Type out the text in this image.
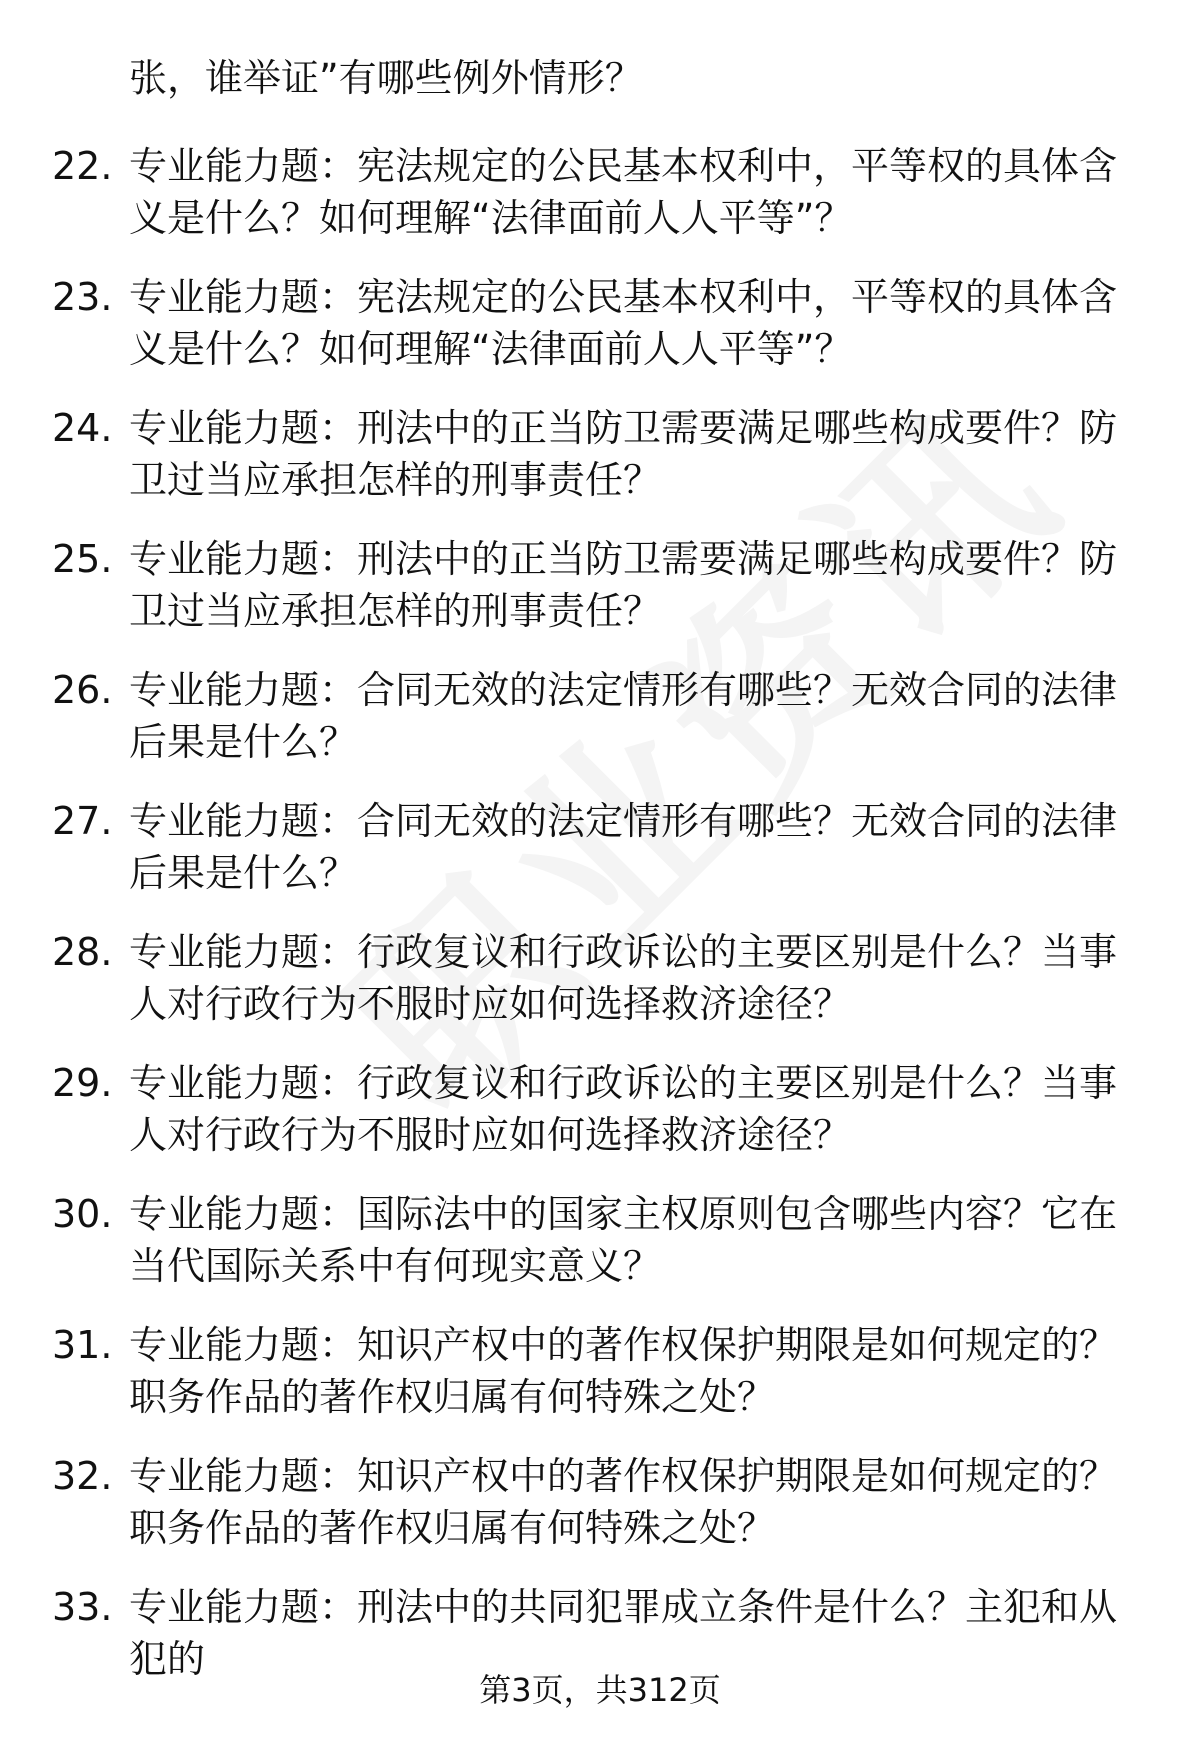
张，谁举证”有哪些例外情形？
22. 专业能力题：宪法规定的公民基本权利中，平等权的具体含义是什么？如何理解“法律面前人人平等”？
23. 专业能力题：宪法规定的公民基本权利中，平等权的具体含义是什么？如何理解“法律面前人人平等”？
24. 专业能力题：刑法中的正当防卫需要满足哪些构成要件？防卫过当应承担怎样的刑事责任？
25. 专业能力题：刑法中的正当防卫需要满足哪些构成要件？防卫过当应承担怎样的刑事责任？
26. 专业能力题：合同无效的法定情形有哪些？无效合同的法律后果是什么？
27. 专业能力题：合同无效的法定情形有哪些？无效合同的法律后果是什么？
28. 专业能力题：行政复议和行政诉讼的主要区别是什么？当事人对行政行为不服时应如何选择救济途径？
29. 专业能力题：行政复议和行政诉讼的主要区别是什么？当事人对行政行为不服时应如何选择救济途径？
30. 专业能力题：国际法中的国家主权原则包含哪些内容？它在当代国际关系中有何现实意义？
31. 专业能力题：知识产权中的著作权保护期限是如何规定的？职务作品的著作权归属有何特殊之处？
32. 专业能力题：知识产权中的著作权保护期限是如何规定的？职务作品的著作权归属有何特殊之处？
33. 专业能力题：刑法中的共同犯罪成立条件是什么？主犯和从犯的
第3页，共312页
